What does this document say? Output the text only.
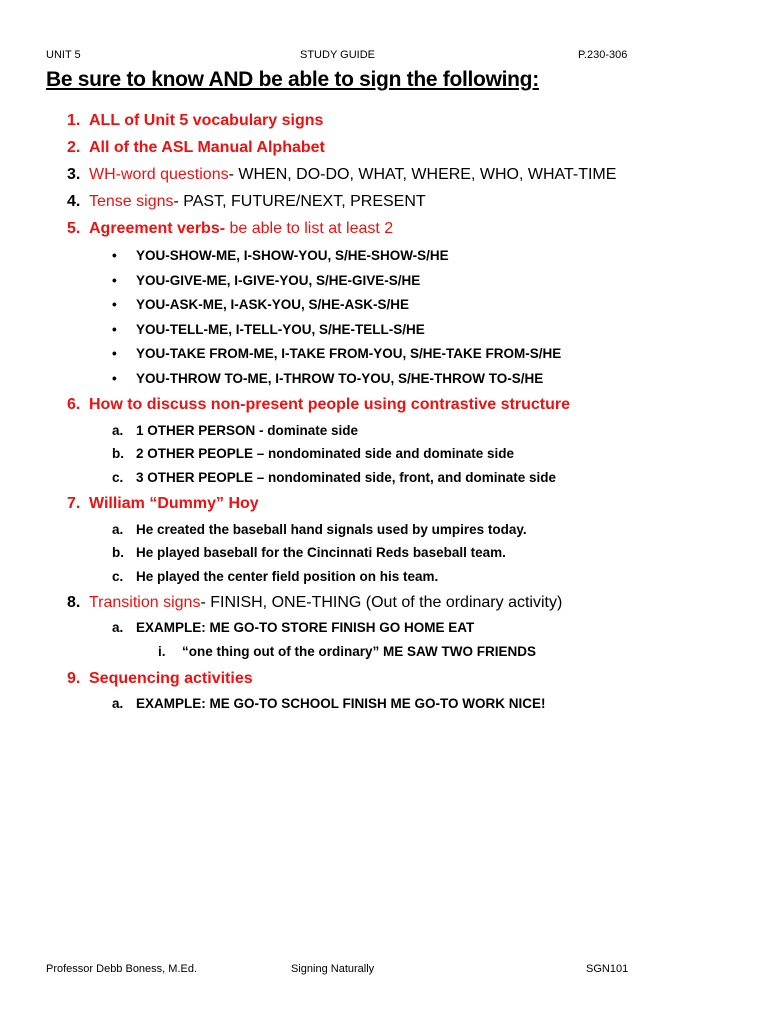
UNIT 5	STUDY GUIDE	P.230-306
Be sure to know AND be able to sign the following:
1. ALL of Unit 5 vocabulary signs
2. All of the ASL Manual Alphabet
3. WH-word questions- WHEN, DO-DO, WHAT, WHERE, WHO, WHAT-TIME
4. Tense signs- PAST, FUTURE/NEXT, PRESENT
5. Agreement verbs- be able to list at least 2
• YOU-SHOW-ME, I-SHOW-YOU, S/HE-SHOW-S/HE
• YOU-GIVE-ME, I-GIVE-YOU, S/HE-GIVE-S/HE
• YOU-ASK-ME, I-ASK-YOU, S/HE-ASK-S/HE
• YOU-TELL-ME, I-TELL-YOU, S/HE-TELL-S/HE
• YOU-TAKE FROM-ME, I-TAKE FROM-YOU, S/HE-TAKE FROM-S/HE
• YOU-THROW TO-ME, I-THROW TO-YOU, S/HE-THROW TO-S/HE
6. How to discuss non-present people using contrastive structure
a. 1 OTHER PERSON - dominate side
b. 2 OTHER PEOPLE – nondominated side and dominate side
c. 3 OTHER PEOPLE – nondominated side, front, and dominate side
7. William “Dummy” Hoy
a. He created the baseball hand signals used by umpires today.
b. He played baseball for the Cincinnati Reds baseball team.
c. He played the center field position on his team.
8. Transition signs- FINISH, ONE-THING (Out of the ordinary activity)
a. EXAMPLE: ME GO-TO STORE FINISH GO HOME EAT
i. “one thing out of the ordinary” ME SAW TWO FRIENDS
9. Sequencing activities
a. EXAMPLE: ME GO-TO SCHOOL FINISH ME GO-TO WORK NICE!
Professor Debb Boness, M.Ed.	Signing Naturally	SGN101
